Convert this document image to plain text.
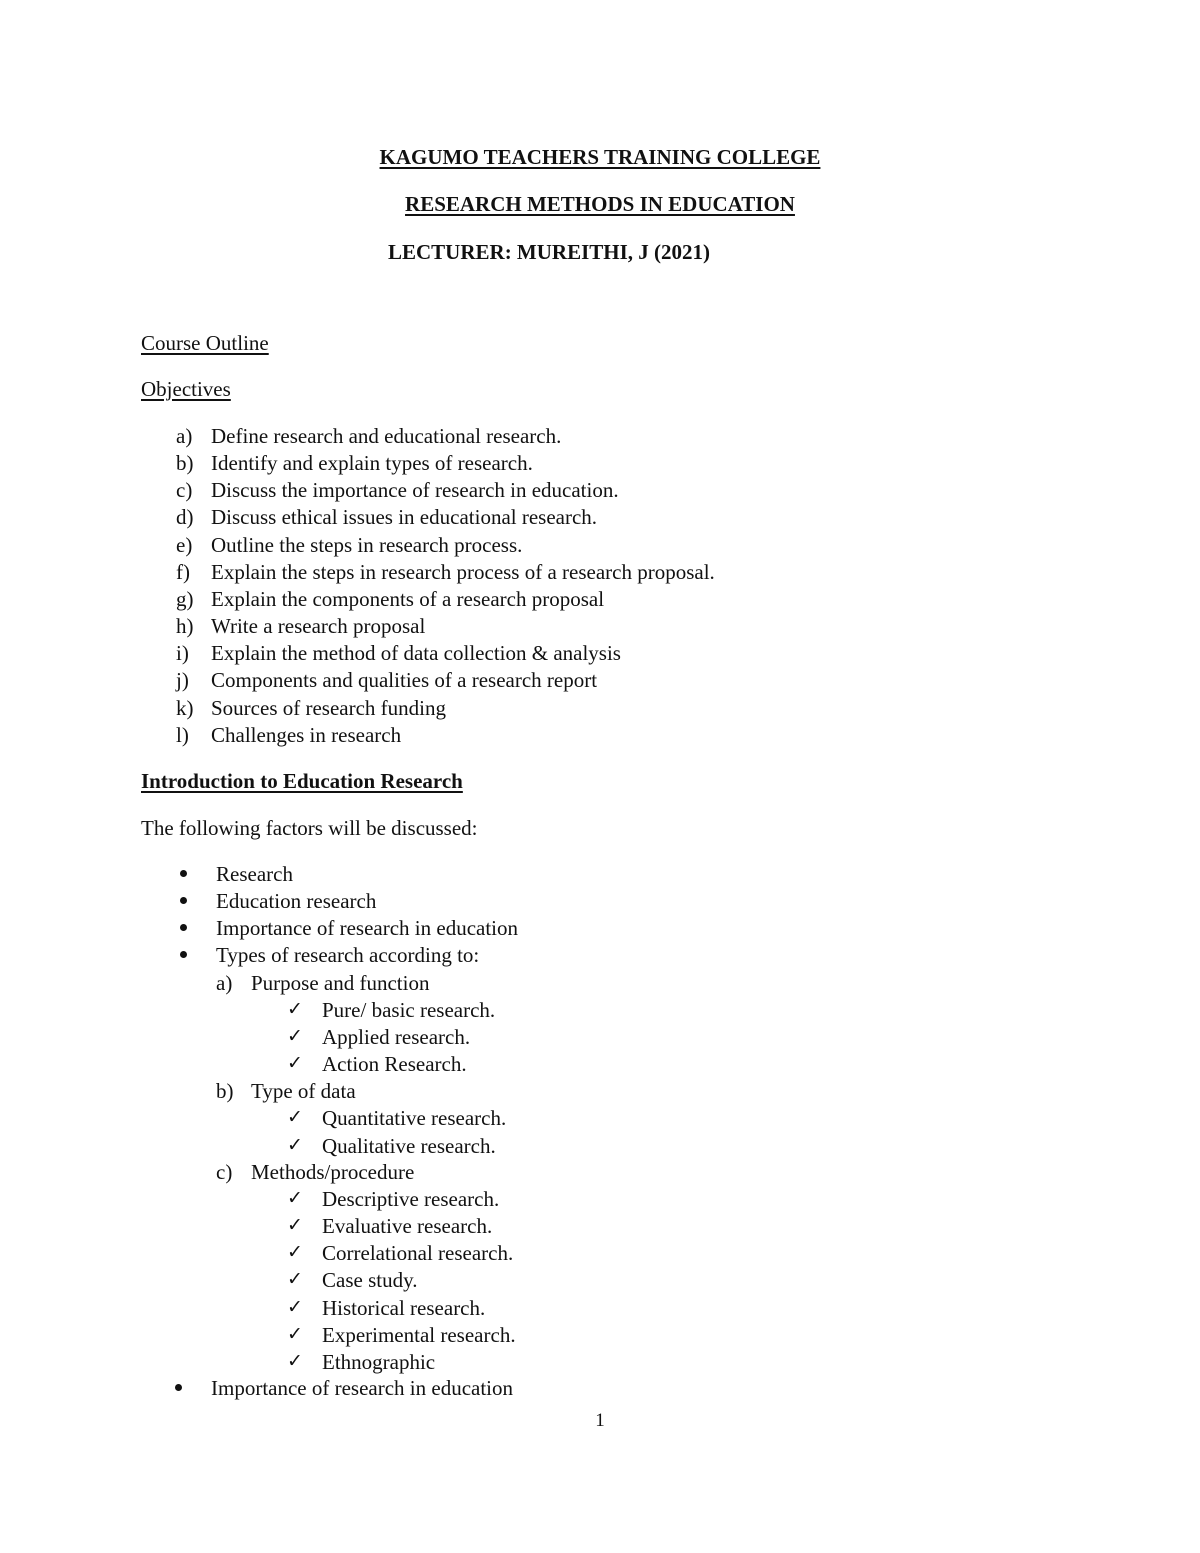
KAGUMO TEACHERS TRAINING COLLEGE
RESEARCH METHODS IN EDUCATION
LECTURER: MUREITHI, J (2021)
Course Outline
Objectives
a) Define research and educational research.
b) Identify and explain types of research.
c) Discuss the importance of research in education.
d) Discuss ethical issues in educational research.
e) Outline the steps in research process.
f) Explain the steps in research process of a research proposal.
g) Explain the components of a research proposal
h) Write a research proposal
i) Explain the method of data collection & analysis
j) Components and qualities of a research report
k) Sources of research funding
l) Challenges in research
Introduction to Education Research
The following factors will be discussed:
Research
Education research
Importance of research in education
Types of research according to:
a) Purpose and function
✓ Pure/ basic research.
✓ Applied research.
✓ Action Research.
b) Type of data
✓ Quantitative research.
✓ Qualitative research.
c) Methods/procedure
✓ Descriptive research.
✓ Evaluative research.
✓ Correlational research.
✓ Case study.
✓ Historical research.
✓ Experimental research.
✓ Ethnographic
Importance of research in education
1
